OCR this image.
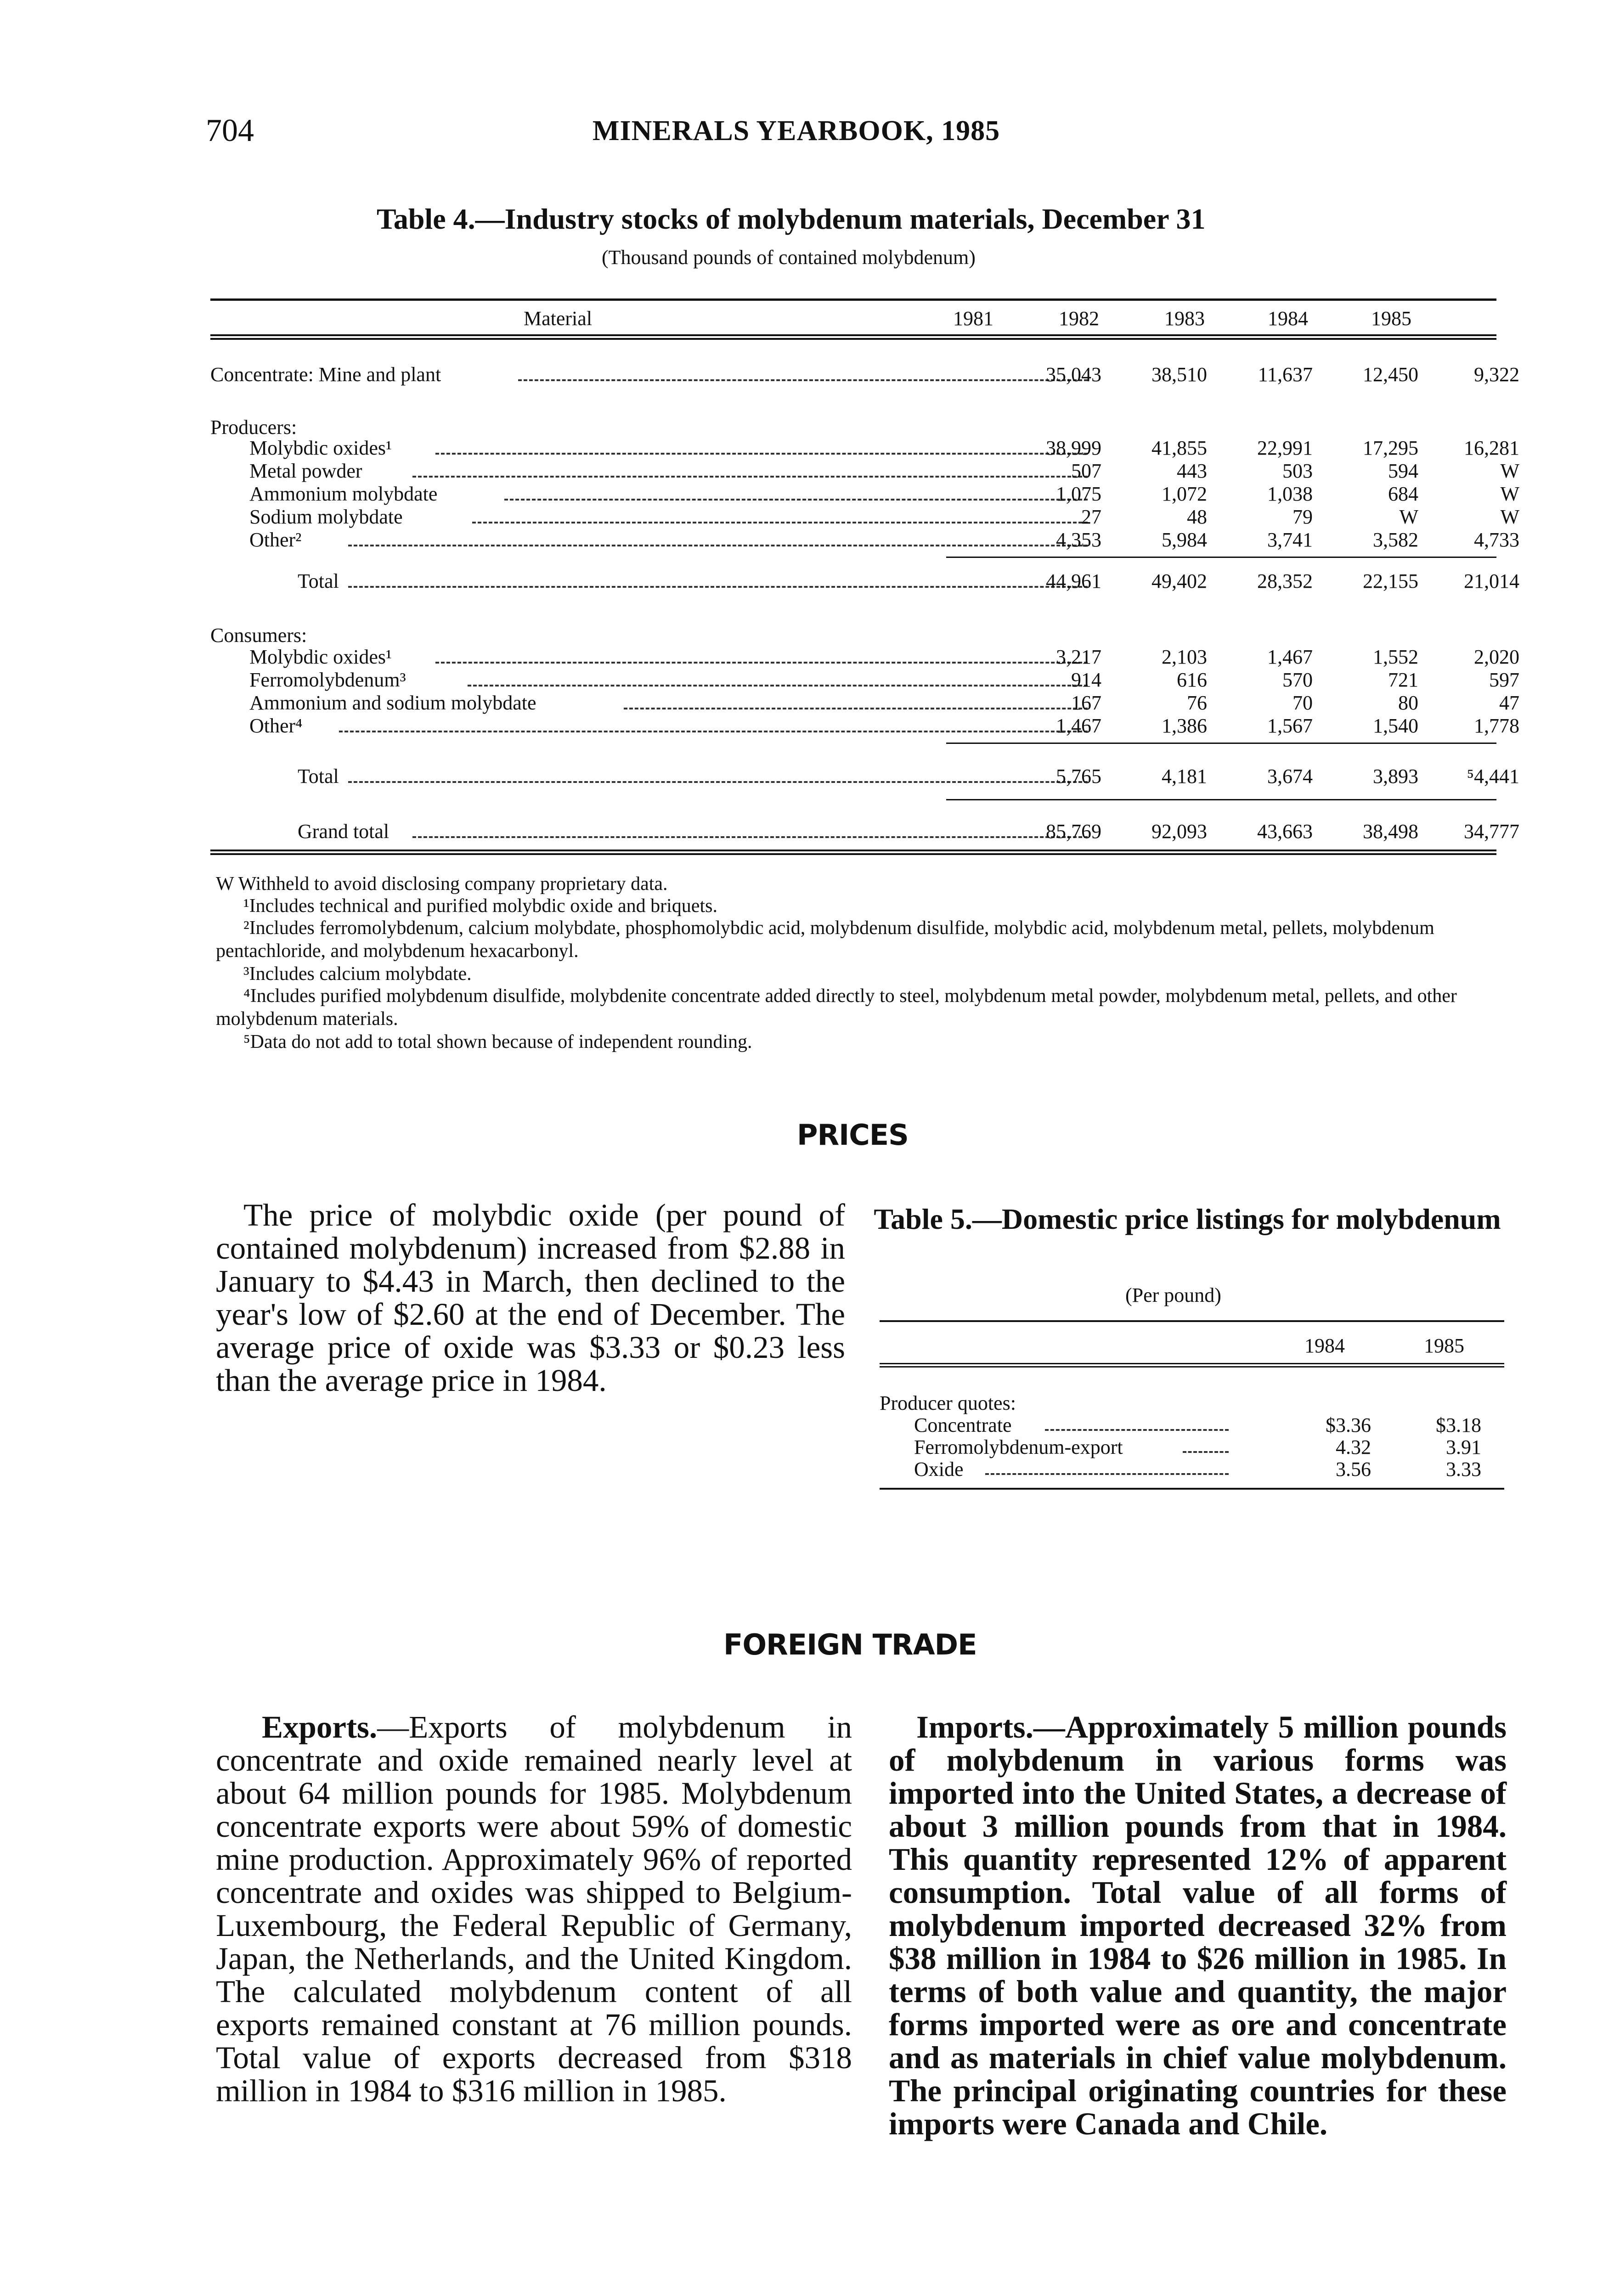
704	MINERALS YEARBOOK, 1985
Table 4.—Industry stocks of molybdenum materials, December 31
(Thousand pounds of contained molybdenum)
Material	1981	1982	1983	1984	1985
Concentrate: Mine and plant	35,043	38,510	11,637	12,450	9,322
Producers:
Molybdic oxides¹	38,999	41,855	22,991	17,295	16,281
Metal powder	507	443	503	594	W
Ammonium molybdate	1,075	1,072	1,038	684	W
Sodium molybdate	27	48	79	W	W
Other²	4,353	5,984	3,741	3,582	4,733
Total	44,961	49,402	28,352	22,155	21,014
Consumers:
Molybdic oxides¹	3,217	2,103	1,467	1,552	2,020
Ferromolybdenum³	914	616	570	721	597
Ammonium and sodium molybdate	167	76	70	80	47
Other⁴	1,467	1,386	1,567	1,540	1,778
Total	5,765	4,181	3,674	3,893	⁵4,441
Grand total	85,769	92,093	43,663	38,498	34,777
W Withheld to avoid disclosing company proprietary data.
¹Includes technical and purified molybdic oxide and briquets.
²Includes ferromolybdenum, calcium molybdate, phosphomolybdic acid, molybdenum disulfide, molybdic acid, molybdenum metal, pellets, molybdenum pentachloride, and molybdenum hexacarbonyl.
³Includes calcium molybdate.
⁴Includes purified molybdenum disulfide, molybdenite concentrate added directly to steel, molybdenum metal powder, molybdenum metal, pellets, and other molybdenum materials.
⁵Data do not add to total shown because of independent rounding.
PRICES
The price of molybdic oxide (per pound of contained molybdenum) increased from $2.88 in January to $4.43 in March, then declined to the year's low of $2.60 at the end of December. The average price of oxide was $3.33 or $0.23 less than the average price in 1984.
Table 5.—Domestic price listings for molybdenum
(Per pound)
1984	1985
Producer quotes:
Concentrate	$3.36	$3.18
Ferromolybdenum-export	4.32	3.91
Oxide	3.56	3.33
FOREIGN TRADE
Exports.—Exports of molybdenum in concentrate and oxide remained nearly level at about 64 million pounds for 1985. Molybdenum concentrate exports were about 59% of domestic mine production. Approximately 96% of reported concentrate and oxides was shipped to Belgium-Luxembourg, the Federal Republic of Germany, Japan, the Netherlands, and the United Kingdom. The calculated molybdenum content of all exports remained constant at 76 million pounds. Total value of exports decreased from $318 million in 1984 to $316 million in 1985.
Imports.—Approximately 5 million pounds of molybdenum in various forms was imported into the United States, a decrease of about 3 million pounds from that in 1984. This quantity represented 12% of apparent consumption. Total value of all forms of molybdenum imported decreased 32% from $38 million in 1984 to $26 million in 1985. In terms of both value and quantity, the major forms imported were as ore and concentrate and as materials in chief value molybdenum. The principal originating countries for these imports were Canada and Chile.
